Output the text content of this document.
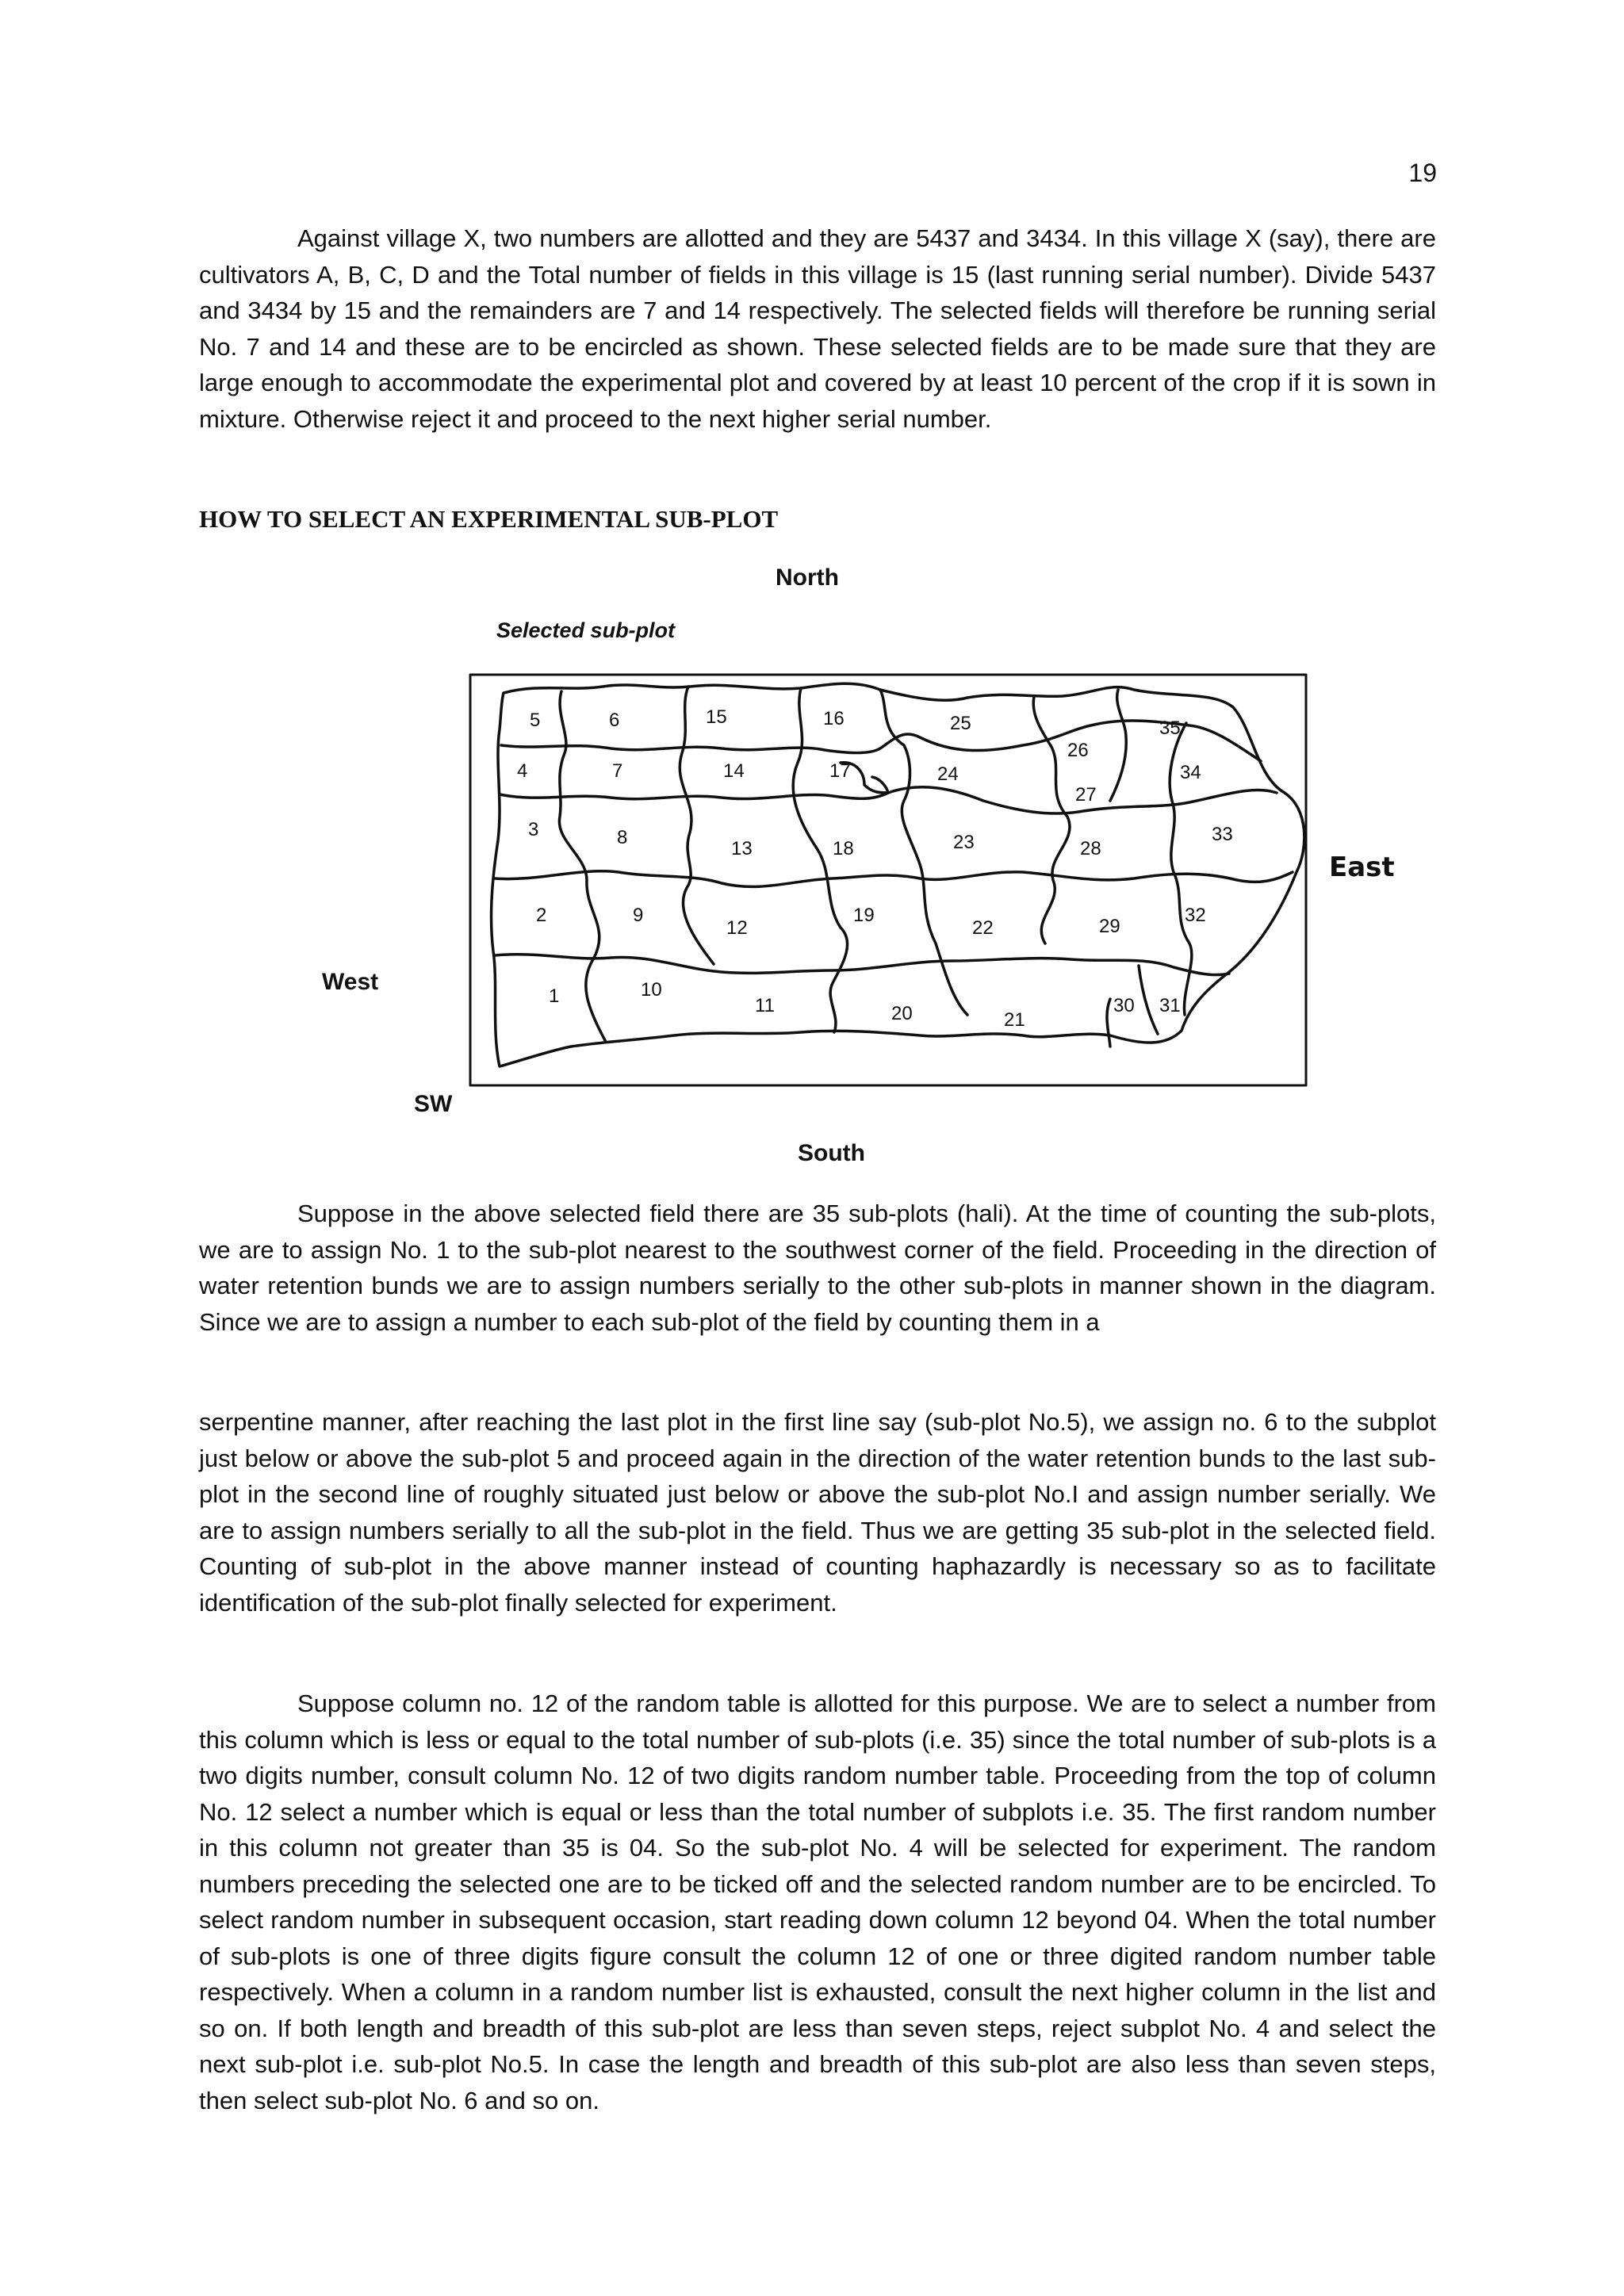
19

Against village X, two numbers are allotted and they are 5437 and 3434. In this village X (say), there are cultivators A, B, C, D and the Total number of fields in this village is 15 (last running serial number). Divide 5437 and 3434 by 15 and the remainders are 7 and 14 respectively. The selected fields will therefore be running serial No. 7 and 14 and these are to be encircled as shown. These selected fields are to be made sure that they are large enough to accommodate the experimental plot and covered by at least 10 percent of the crop if it is sown in mixture. Otherwise reject it and proceed to the next higher serial number.

HOW TO SELECT AN EXPERIMENTAL SUB-PLOT
North
Selected sub-plot
5	6	15	16	25
26
35
4	7	14	17	24
27
34
3	8
13	18	23	28
33
2	9
12
19
22	29
32
1	10
11	20	21
30 31
East
West
SW
South

Suppose in the above selected field there are 35 sub-plots (hali). At the time of counting the sub-plots, we are to assign No. 1 to the sub-plot nearest to the southwest corner of the field. Proceeding in the direction of water retention bunds we are to assign numbers serially to the other sub-plots in manner shown in the diagram. Since we are to assign a number to each sub-plot of the field by counting them in a

serpentine manner, after reaching the last plot in the first line say (sub-plot No.5), we assign no. 6 to the subplot just below or above the sub-plot 5 and proceed again in the direction of the water retention bunds to the last sub-plot in the second line of roughly situated just below or above the sub-plot No.I and assign number serially. We are to assign numbers serially to all the sub-plot in the field. Thus we are getting 35 sub-plot in the selected field. Counting of sub-plot in the above manner instead of counting haphazardly is necessary so as to facilitate identification of the sub-plot finally selected for experiment.

Suppose column no. 12 of the random table is allotted for this purpose. We are to select a number from this column which is less or equal to the total number of sub-plots (i.e. 35) since the total number of sub-plots is a two digits number, consult column No. 12 of two digits random number table. Proceeding from the top of column No. 12 select a number which is equal or less than the total number of subplots i.e. 35. The first random number in this column not greater than 35 is 04. So the sub-plot No. 4 will be selected for experiment. The random numbers preceding the selected one are to be ticked off and the selected random number are to be encircled. To select random number in subsequent occasion, start reading down column 12 beyond 04. When the total number of sub-plots is one of three digits figure consult the column 12 of one or three digited random number table respectively. When a column in a random number list is exhausted, consult the next higher column in the list and so on. If both length and breadth of this sub-plot are less than seven steps, reject subplot No. 4 and select the next sub-plot i.e. sub-plot No.5. In case the length and breadth of this sub-plot are also less than seven steps, then select sub-plot No. 6 and so on.
